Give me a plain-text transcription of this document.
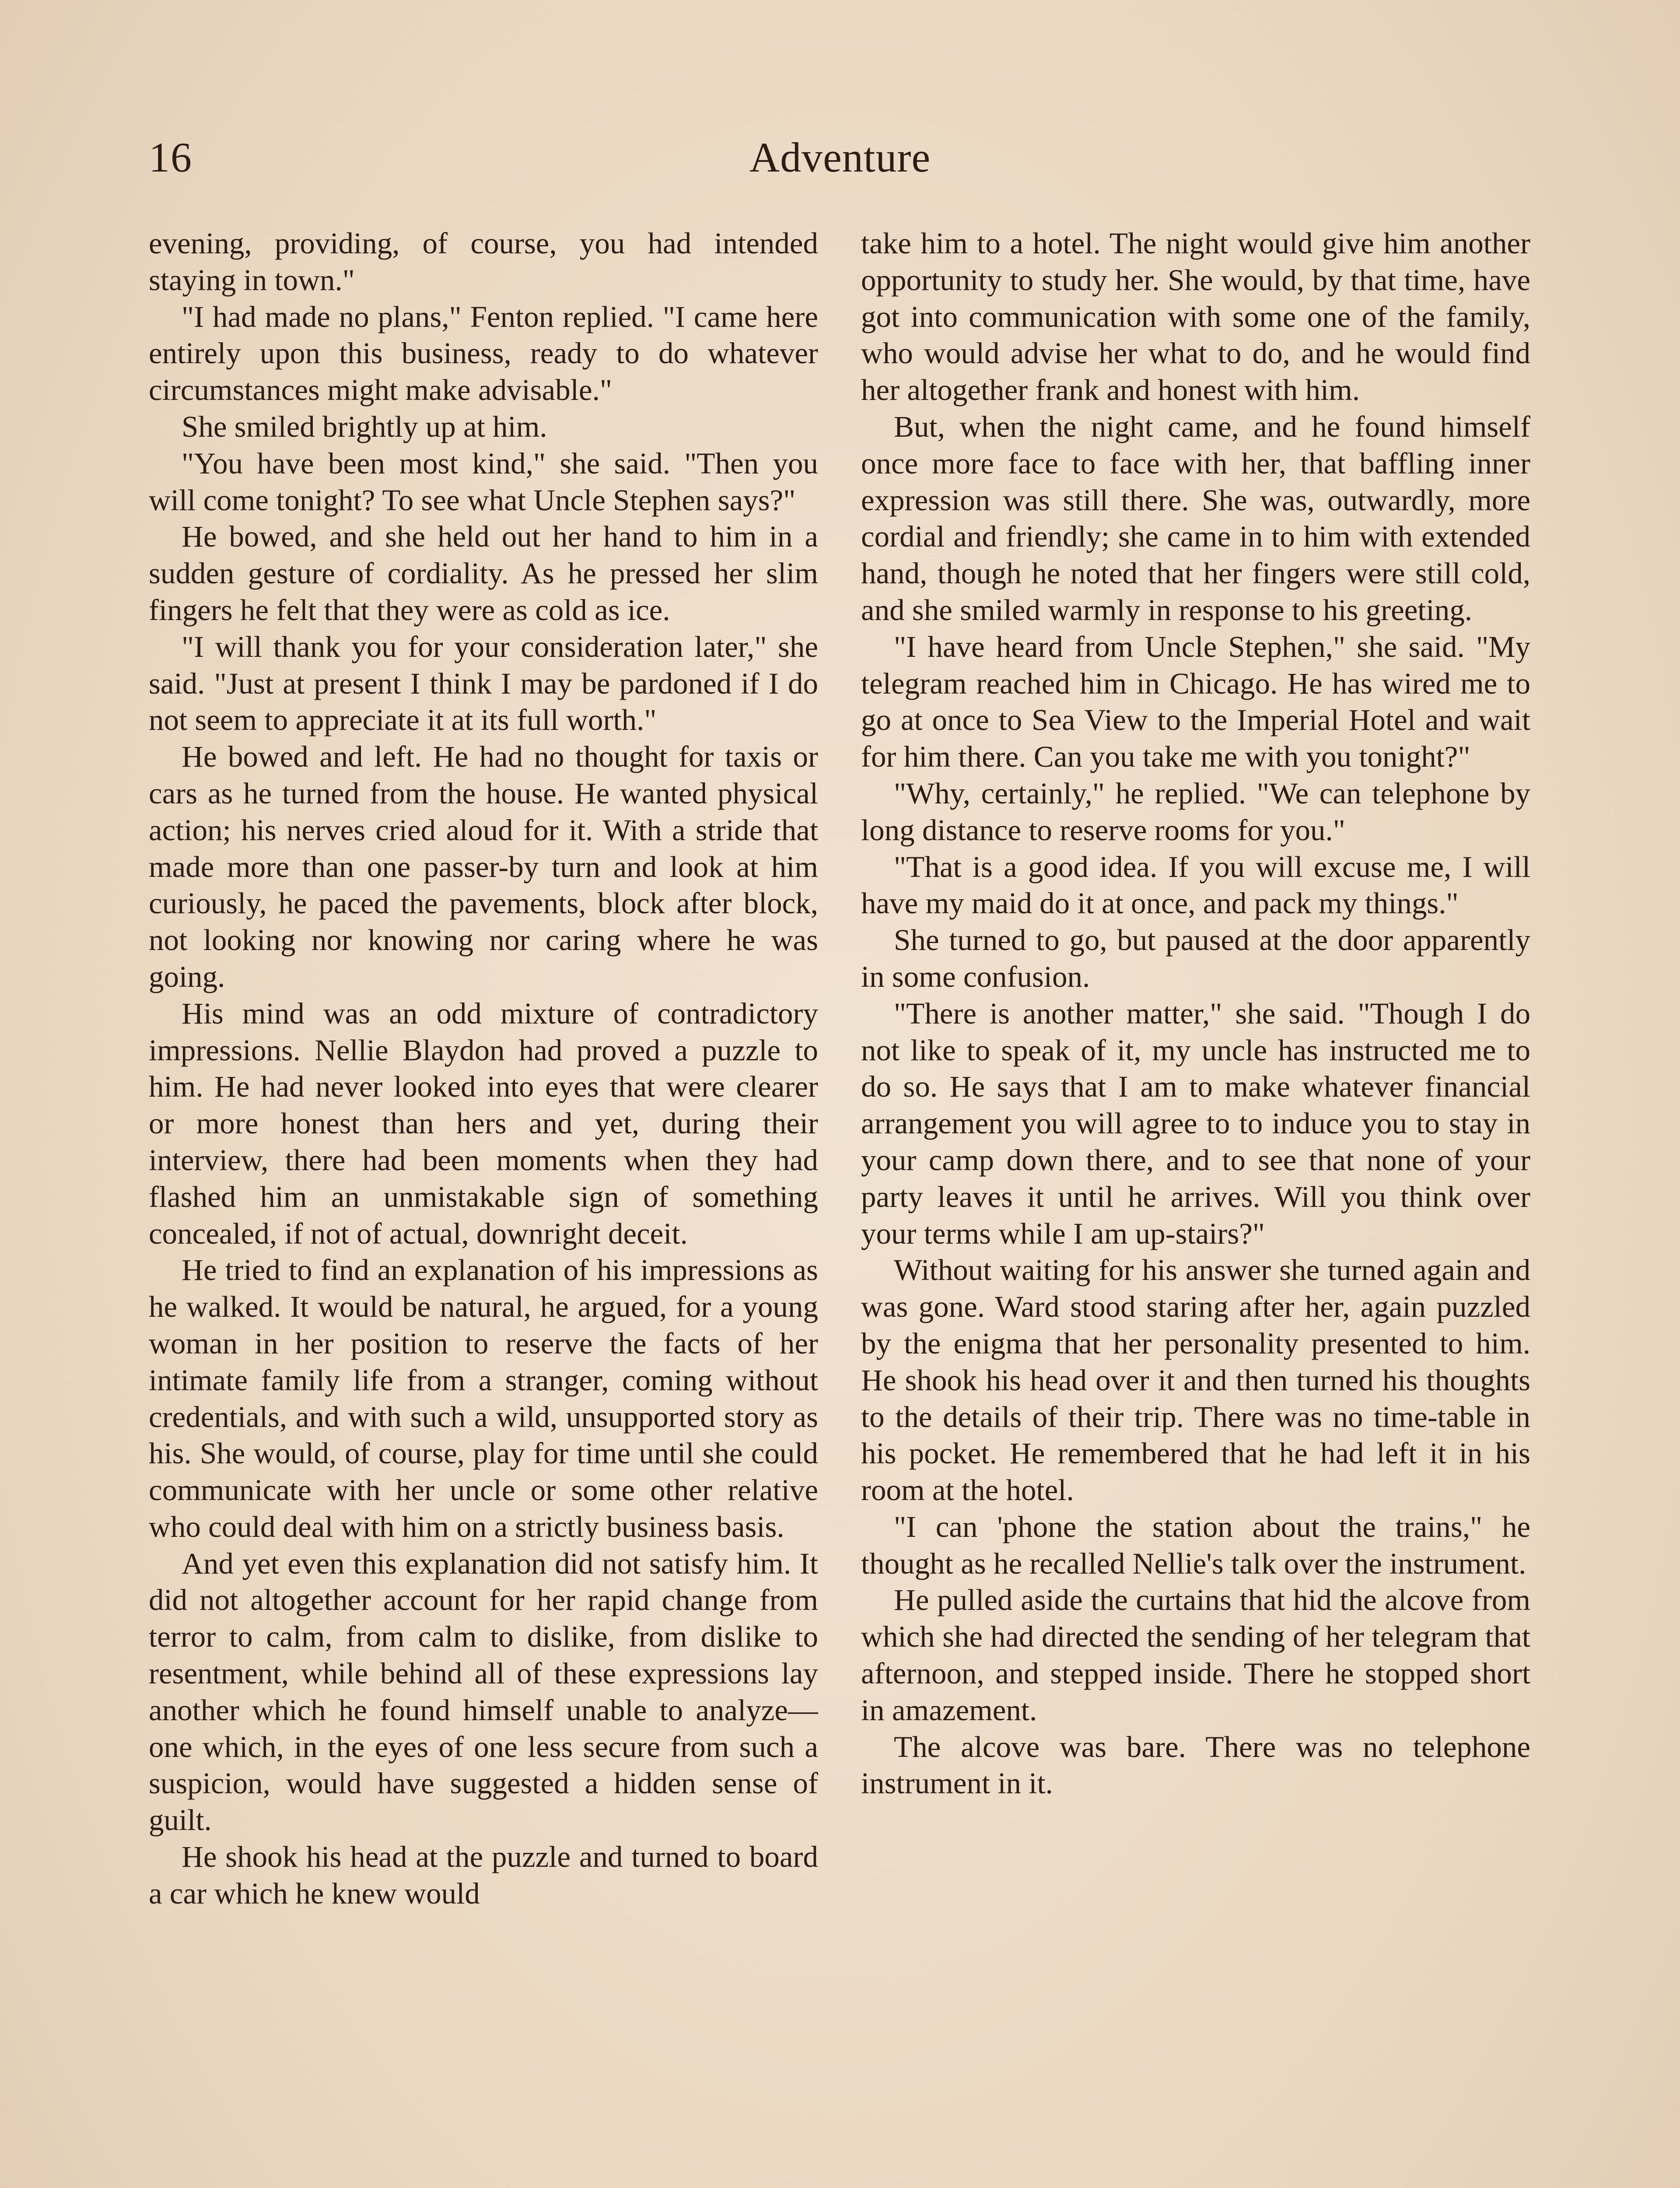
16	Adventure

evening, providing, of course, you had intended staying in town."

"I had made no plans," Fenton replied. "I came here entirely upon this business, ready to do whatever circumstances might make advisable."

She smiled brightly up at him.

"You have been most kind," she said. "Then you will come tonight? To see what Uncle Stephen says?"

He bowed, and she held out her hand to him in a sudden gesture of cordiality. As he pressed her slim fingers he felt that they were as cold as ice.

"I will thank you for your consideration later," she said. "Just at present I think I may be pardoned if I do not seem to appreciate it at its full worth."

He bowed and left. He had no thought for taxis or cars as he turned from the house. He wanted physical action; his nerves cried aloud for it. With a stride that made more than one passer-by turn and look at him curiously, he paced the pavements, block after block, not looking nor knowing nor caring where he was going.

His mind was an odd mixture of contradictory impressions. Nellie Blaydon had proved a puzzle to him. He had never looked into eyes that were clearer or more honest than hers and yet, during their interview, there had been moments when they had flashed him an unmistakable sign of something concealed, if not of actual, downright deceit.

He tried to find an explanation of his impressions as he walked. It would be natural, he argued, for a young woman in her position to reserve the facts of her intimate family life from a stranger, coming without credentials, and with such a wild, unsupported story as his. She would, of course, play for time until she could communicate with her uncle or some other relative who could deal with him on a strictly business basis.

And yet even this explanation did not satisfy him. It did not altogether account for her rapid change from terror to calm, from calm to dislike, from dislike to resentment, while behind all of these expressions lay another which he found himself unable to analyze—one which, in the eyes of one less secure from such a suspicion, would have suggested a hidden sense of guilt.

He shook his head at the puzzle and turned to board a car which he knew would

take him to a hotel. The night would give him another opportunity to study her. She would, by that time, have got into communication with some one of the family, who would advise her what to do, and he would find her altogether frank and honest with him.

But, when the night came, and he found himself once more face to face with her, that baffling inner expression was still there. She was, outwardly, more cordial and friendly; she came in to him with extended hand, though he noted that her fingers were still cold, and she smiled warmly in response to his greeting.

"I have heard from Uncle Stephen," she said. "My telegram reached him in Chicago. He has wired me to go at once to Sea View to the Imperial Hotel and wait for him there. Can you take me with you tonight?"

"Why, certainly," he replied. "We can telephone by long distance to reserve rooms for you."

"That is a good idea. If you will excuse me, I will have my maid do it at once, and pack my things."

She turned to go, but paused at the door apparently in some confusion.

"There is another matter," she said. "Though I do not like to speak of it, my uncle has instructed me to do so. He says that I am to make whatever financial arrangement you will agree to to induce you to stay in your camp down there, and to see that none of your party leaves it until he arrives. Will you think over your terms while I am up-stairs?"

Without waiting for his answer she turned again and was gone. Ward stood staring after her, again puzzled by the enigma that her personality presented to him. He shook his head over it and then turned his thoughts to the details of their trip. There was no time-table in his pocket. He remembered that he had left it in his room at the hotel.

"I can 'phone the station about the trains," he thought as he recalled Nellie's talk over the instrument.

He pulled aside the curtains that hid the alcove from which she had directed the sending of her telegram that afternoon, and stepped inside. There he stopped short in amazement.

The alcove was bare. There was no telephone instrument in it.
